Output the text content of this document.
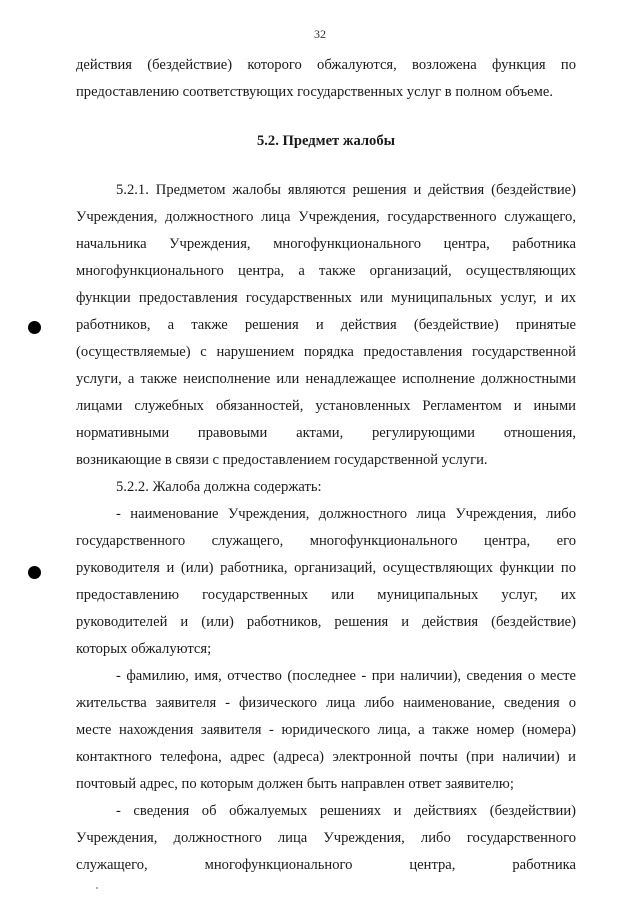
32
действия (бездействие) которого обжалуются, возложена функция по
предоставлению соответствующих государственных услуг в полном объеме.
5.2. Предмет жалобы
5.2.1. Предметом жалобы являются решения и действия (бездействие)
Учреждения, должностного лица Учреждения, государственного служащего,
начальника Учреждения, многофункционального центра, работника
многофункционального центра, а также организаций, осуществляющих
функции предоставления государственных или муниципальных услуг, и их
работников, а также решения и действия (бездействие) принятые
(осуществляемые) с нарушением порядка предоставления государственной
услуги, а также неисполнение или ненадлежащее исполнение должностными
лицами служебных обязанностей, установленных Регламентом и иными
нормативными правовыми актами, регулирующими отношения,
возникающие в связи с предоставлением государственной услуги.
5.2.2. Жалоба должна содержать:
- наименование Учреждения, должностного лица Учреждения, либо
государственного служащего, многофункционального центра, его
руководителя и (или) работника, организаций, осуществляющих функции по
предоставлению государственных или муниципальных услуг, их
руководителей и (или) работников, решения и действия (бездействие)
которых обжалуются;
- фамилию, имя, отчество (последнее - при наличии), сведения о месте
жительства заявителя - физического лица либо наименование, сведения о
месте нахождения заявителя - юридического лица, а также номер (номера)
контактного телефона, адрес (адреса) электронной почты (при наличии) и
почтовый адрес, по которым должен быть направлен ответ заявителю;
- сведения об обжалуемых решениях и действиях (бездействии)
Учреждения, должностного лица Учреждения, либо государственного
служащего, многофункционального центра, работника
